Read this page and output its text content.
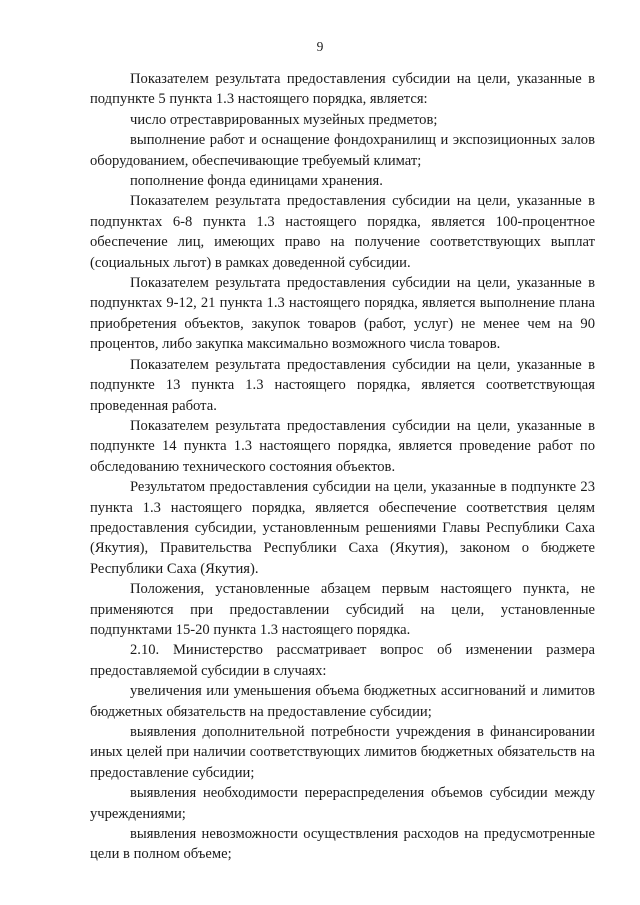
9

Показателем результата предоставления субсидии на цели, указанные в подпункте 5 пункта 1.3 настоящего порядка, является:

число отреставрированных музейных предметов;

выполнение работ и оснащение фондохранилищ и экспозиционных залов оборудованием, обеспечивающие требуемый климат;

пополнение фонда единицами хранения.

Показателем результата предоставления субсидии на цели, указанные в подпунктах 6-8 пункта 1.3 настоящего порядка, является 100-процентное обеспечение лиц, имеющих право на получение соответствующих выплат (социальных льгот) в рамках доведенной субсидии.

Показателем результата предоставления субсидии на цели, указанные в подпунктах 9-12, 21 пункта 1.3 настоящего порядка, является выполнение плана приобретения объектов, закупок товаров (работ, услуг) не менее чем на 90 процентов, либо закупка максимально возможного числа товаров.

Показателем результата предоставления субсидии на цели, указанные в подпункте 13 пункта 1.3 настоящего порядка, является соответствующая проведенная работа.

Показателем результата предоставления субсидии на цели, указанные в подпункте 14 пункта 1.3 настоящего порядка, является проведение работ по обследованию технического состояния объектов.

Результатом предоставления субсидии на цели, указанные в подпункте 23 пункта 1.3 настоящего порядка, является обеспечение соответствия целям предоставления субсидии, установленным решениями Главы Республики Саха (Якутия), Правительства Республики Саха (Якутия), законом о бюджете Республики Саха (Якутия).

Положения, установленные абзацем первым настоящего пункта, не применяются при предоставлении субсидий на цели, установленные подпунктами 15-20 пункта 1.3 настоящего порядка.

2.10. Министерство рассматривает вопрос об изменении размера предоставляемой субсидии в случаях:

увеличения или уменьшения объема бюджетных ассигнований и лимитов бюджетных обязательств на предоставление субсидии;

выявления дополнительной потребности учреждения в финансировании иных целей при наличии соответствующих лимитов бюджетных обязательств на предоставление субсидии;

выявления необходимости перераспределения объемов субсидии между учреждениями;

выявления невозможности осуществления расходов на предусмотренные цели в полном объеме;
